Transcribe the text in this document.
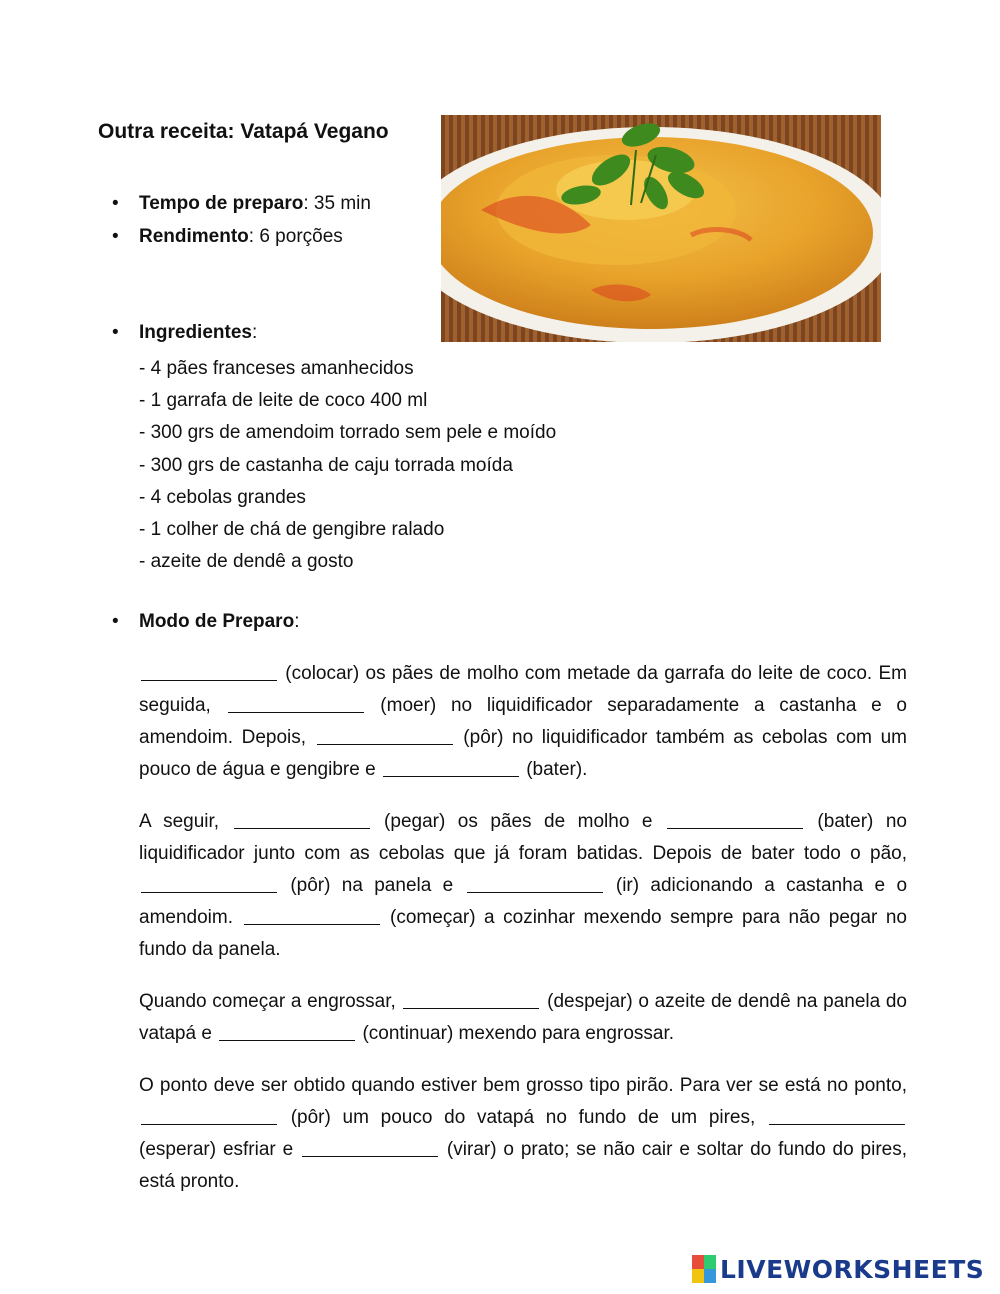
Outra receita: Vatapá Vegano
• Tempo de preparo: 35 min
• Rendimento: 6 porções
• Ingredientes:
- 4 pães franceses amanhecidos
- 1 garrafa de leite de coco 400 ml
- 300 grs de amendoim torrado sem pele e moído
- 300 grs de castanha de caju torrada moída
- 4 cebolas grandes
- 1 colher de chá de gengibre ralado
- azeite de dendê a gosto
• Modo de Preparo:
(colocar) os pães de molho com metade da garrafa do leite de coco. Em seguida,	(moer) no liquidificador separadamente a castanha e o amendoim. Depois,	(pôr) no liquidificador também as cebolas com um pouco de água e gengibre e	(bater).
A seguir,	(pegar) os pães de molho e	(bater) no liquidificador junto com as cebolas que já foram batidas. Depois de bater todo o pão,  (pôr) na panela e	(ir) adicionando a castanha e o amendoim.	(começar) a cozinhar mexendo sempre para não pegar no fundo da panela.
Quando começar a engrossar,	(despejar) o azeite de dendê na panela do vatapá e	(continuar) mexendo para engrossar.
O ponto deve ser obtido quando estiver bem grosso tipo pirão. Para ver se está no ponto,  (pôr) um pouco do vatapá no fundo de um pires,  (esperar) esfriar e	(virar) o prato; se não cair e soltar do fundo do pires, está pronto.
LIVEWORKSHEETS
